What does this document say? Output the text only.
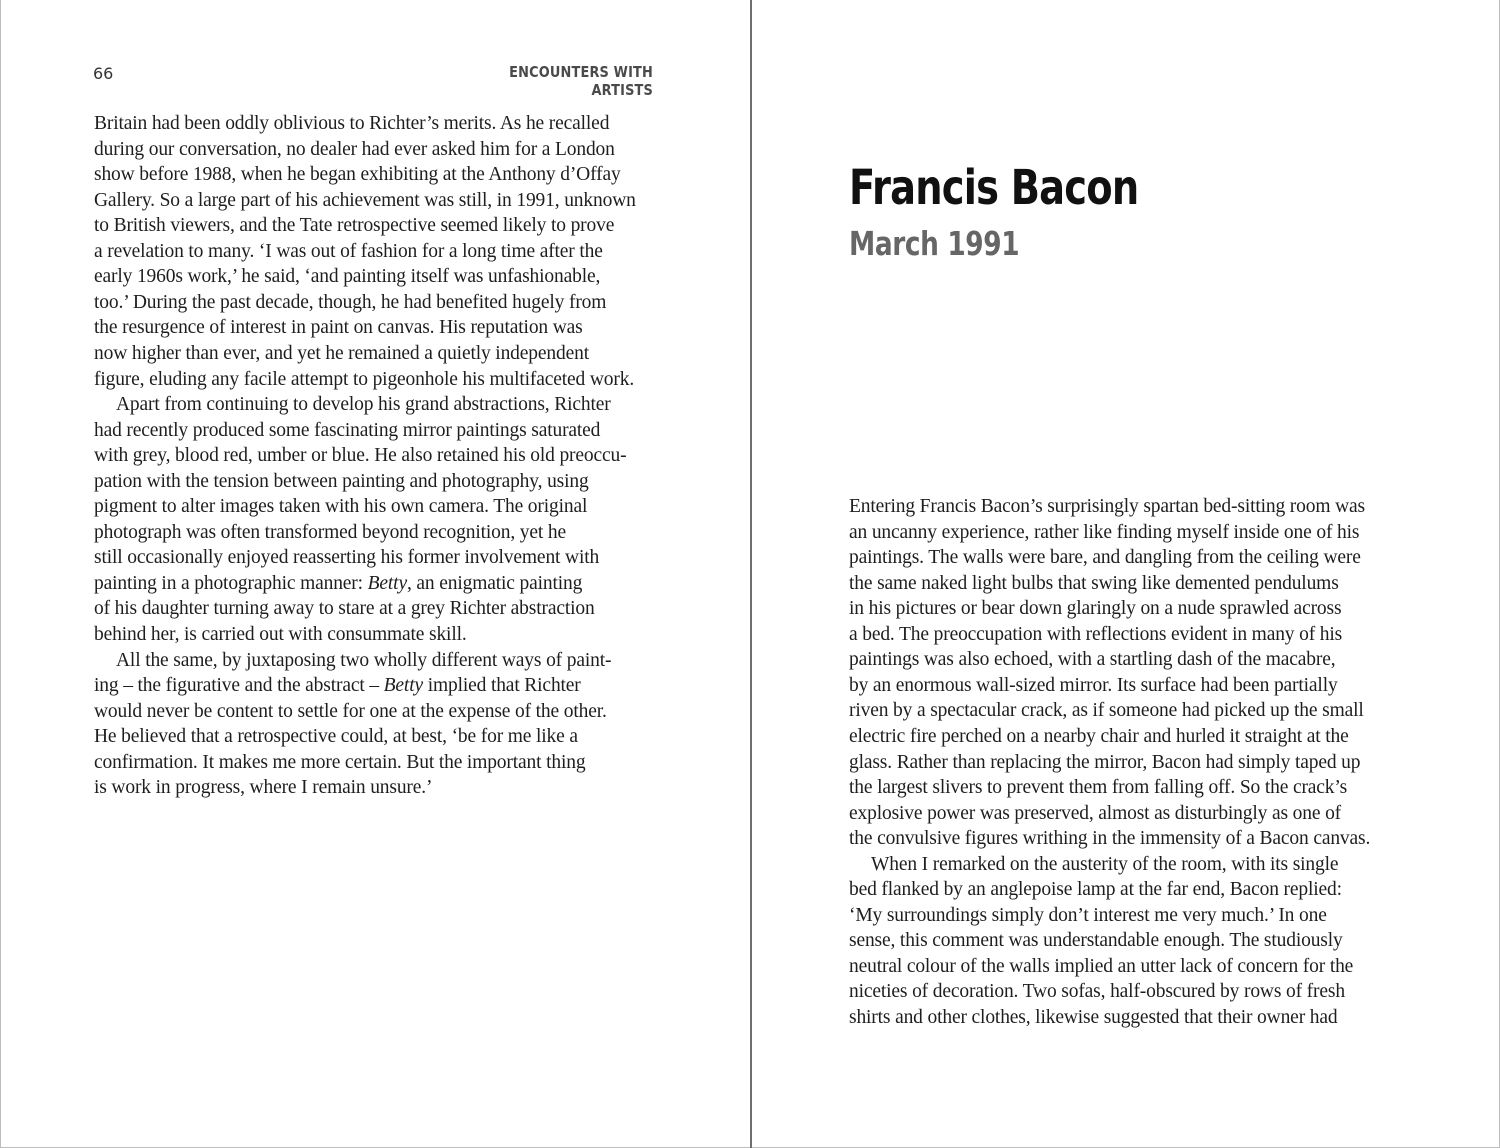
66	ENCOUNTERS WITH ARTISTS
Britain had been oddly oblivious to Richter’s merits. As he recalled
during our conversation, no dealer had ever asked him for a London
show before 1988, when he began exhibiting at the Anthony d’Offay
Gallery. So a large part of his achievement was still, in 1991, unknown
to British viewers, and the Tate retrospective seemed likely to prove
a revelation to many. ‘I was out of fashion for a long time after the
early 1960s work,’ he said, ‘and painting itself was unfashionable,
too.’ During the past decade, though, he had benefited hugely from
the resurgence of interest in paint on canvas. His reputation was
now higher than ever, and yet he remained a quietly independent
figure, eluding any facile attempt to pigeonhole his multifaceted work.
Apart from continuing to develop his grand abstractions, Richter
had recently produced some fascinating mirror paintings saturated
with grey, blood red, umber or blue. He also retained his old preoccu-
pation with the tension between painting and photography, using
pigment to alter images taken with his own camera. The original
photograph was often transformed beyond recognition, yet he
still occasionally enjoyed reasserting his former involvement with
painting in a photographic manner: Betty, an enigmatic painting
of his daughter turning away to stare at a grey Richter abstraction
behind her, is carried out with consummate skill.
All the same, by juxtaposing two wholly different ways of paint-
ing – the figurative and the abstract – Betty implied that Richter
would never be content to settle for one at the expense of the other.
He believed that a retrospective could, at best, ‘be for me like a
confirmation. It makes me more certain. But the important thing
is work in progress, where I remain unsure.’
Francis Bacon
March 1991
Entering Francis Bacon’s surprisingly spartan bed-sitting room was
an uncanny experience, rather like finding myself inside one of his
paintings. The walls were bare, and dangling from the ceiling were
the same naked light bulbs that swing like demented pendulums
in his pictures or bear down glaringly on a nude sprawled across
a bed. The preoccupation with reflections evident in many of his
paintings was also echoed, with a startling dash of the macabre,
by an enormous wall-sized mirror. Its surface had been partially
riven by a spectacular crack, as if someone had picked up the small
electric fire perched on a nearby chair and hurled it straight at the
glass. Rather than replacing the mirror, Bacon had simply taped up
the largest slivers to prevent them from falling off. So the crack’s
explosive power was preserved, almost as disturbingly as one of
the convulsive figures writhing in the immensity of a Bacon canvas.
When I remarked on the austerity of the room, with its single
bed flanked by an anglepoise lamp at the far end, Bacon replied:
‘My surroundings simply don’t interest me very much.’ In one
sense, this comment was understandable enough. The studiously
neutral colour of the walls implied an utter lack of concern for the
niceties of decoration. Two sofas, half-obscured by rows of fresh
shirts and other clothes, likewise suggested that their owner had
